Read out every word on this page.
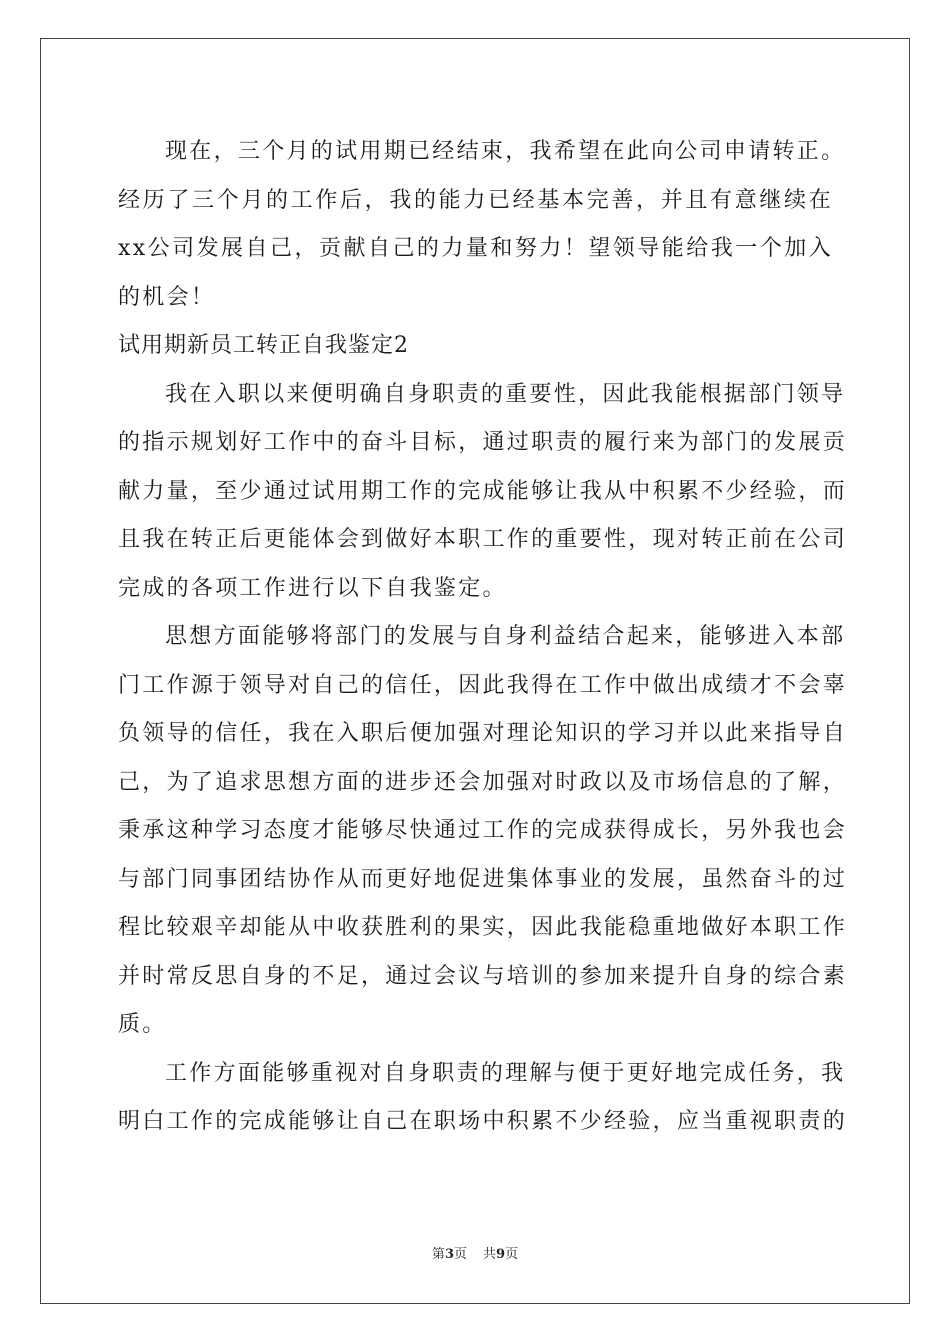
现在，三个月的试用期已经结束，我希望在此向公司申请转正。
经历了三个月的工作后，我的能力已经基本完善，并且有意继续在
xx公司发展自己，贡献自己的力量和努力！望领导能给我一个加入
的机会！
试用期新员工转正自我鉴定2
我在入职以来便明确自身职责的重要性，因此我能根据部门领导
的指示规划好工作中的奋斗目标，通过职责的履行来为部门的发展贡
献力量，至少通过试用期工作的完成能够让我从中积累不少经验，而
且我在转正后更能体会到做好本职工作的重要性，现对转正前在公司
完成的各项工作进行以下自我鉴定。
思想方面能够将部门的发展与自身利益结合起来，能够进入本部
门工作源于领导对自己的信任，因此我得在工作中做出成绩才不会辜
负领导的信任，我在入职后便加强对理论知识的学习并以此来指导自
己，为了追求思想方面的进步还会加强对时政以及市场信息的了解，
秉承这种学习态度才能够尽快通过工作的完成获得成长，另外我也会
与部门同事团结协作从而更好地促进集体事业的发展，虽然奋斗的过
程比较艰辛却能从中收获胜利的果实，因此我能稳重地做好本职工作
并时常反思自身的不足，通过会议与培训的参加来提升自身的综合素
质。
工作方面能够重视对自身职责的理解与便于更好地完成任务，我
明白工作的完成能够让自己在职场中积累不少经验，应当重视职责的
第3页 共9页
